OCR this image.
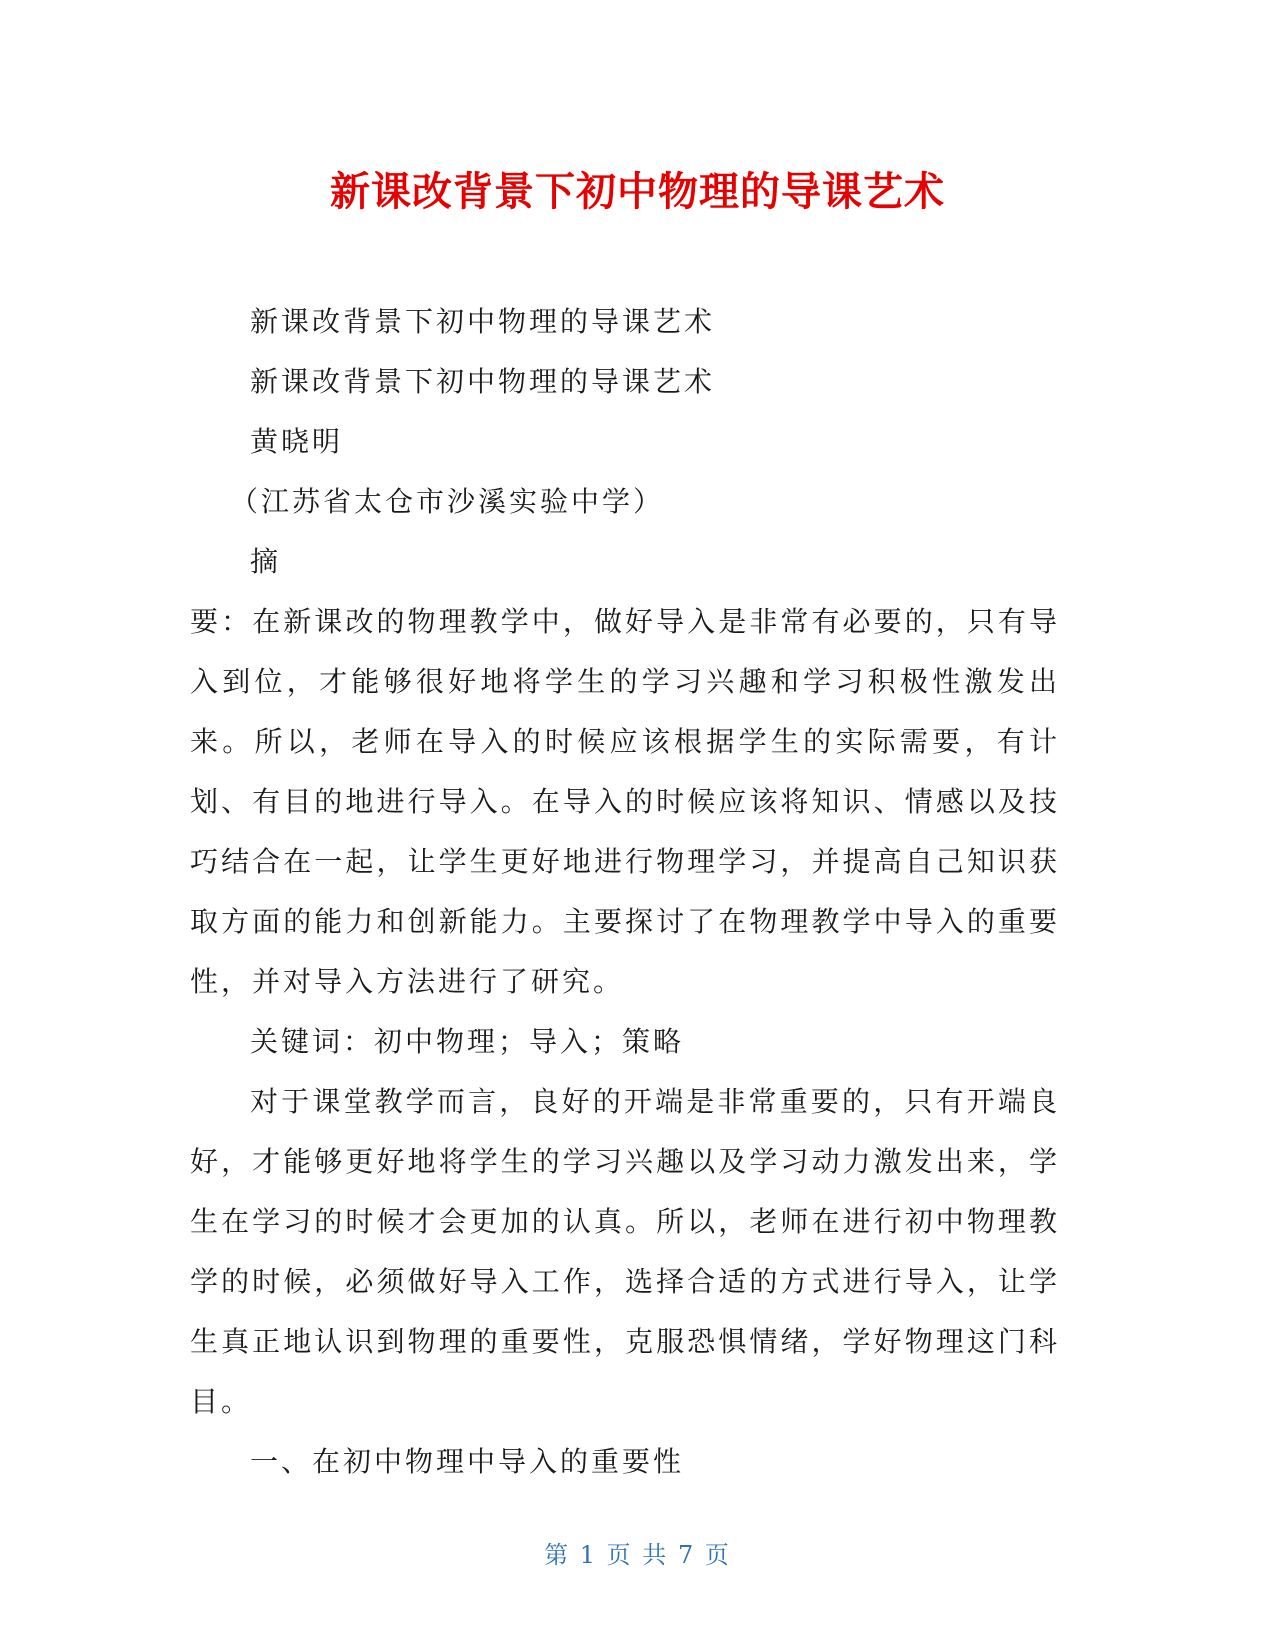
新课改背景下初中物理的导课艺术

新课改背景下初中物理的导课艺术

新课改背景下初中物理的导课艺术

黄晓明

（江苏省太仓市沙溪实验中学）

摘

要：在新课改的物理教学中，做好导入是非常有必要的，只有导入到位，才能够很好地将学生的学习兴趣和学习积极性激发出来。所以，老师在导入的时候应该根据学生的实际需要，有计划、有目的地进行导入。在导入的时候应该将知识、情感以及技巧结合在一起，让学生更好地进行物理学习，并提高自己知识获取方面的能力和创新能力。主要探讨了在物理教学中导入的重要性，并对导入方法进行了研究。

关键词：初中物理；导入；策略

对于课堂教学而言，良好的开端是非常重要的，只有开端良好，才能够更好地将学生的学习兴趣以及学习动力激发出来，学生在学习的时候才会更加的认真。所以，老师在进行初中物理教学的时候，必须做好导入工作，选择合适的方式进行导入，让学生真正地认识到物理的重要性，克服恐惧情绪，学好物理这门科目。

一、在初中物理中导入的重要性

第 1 页 共 7 页
